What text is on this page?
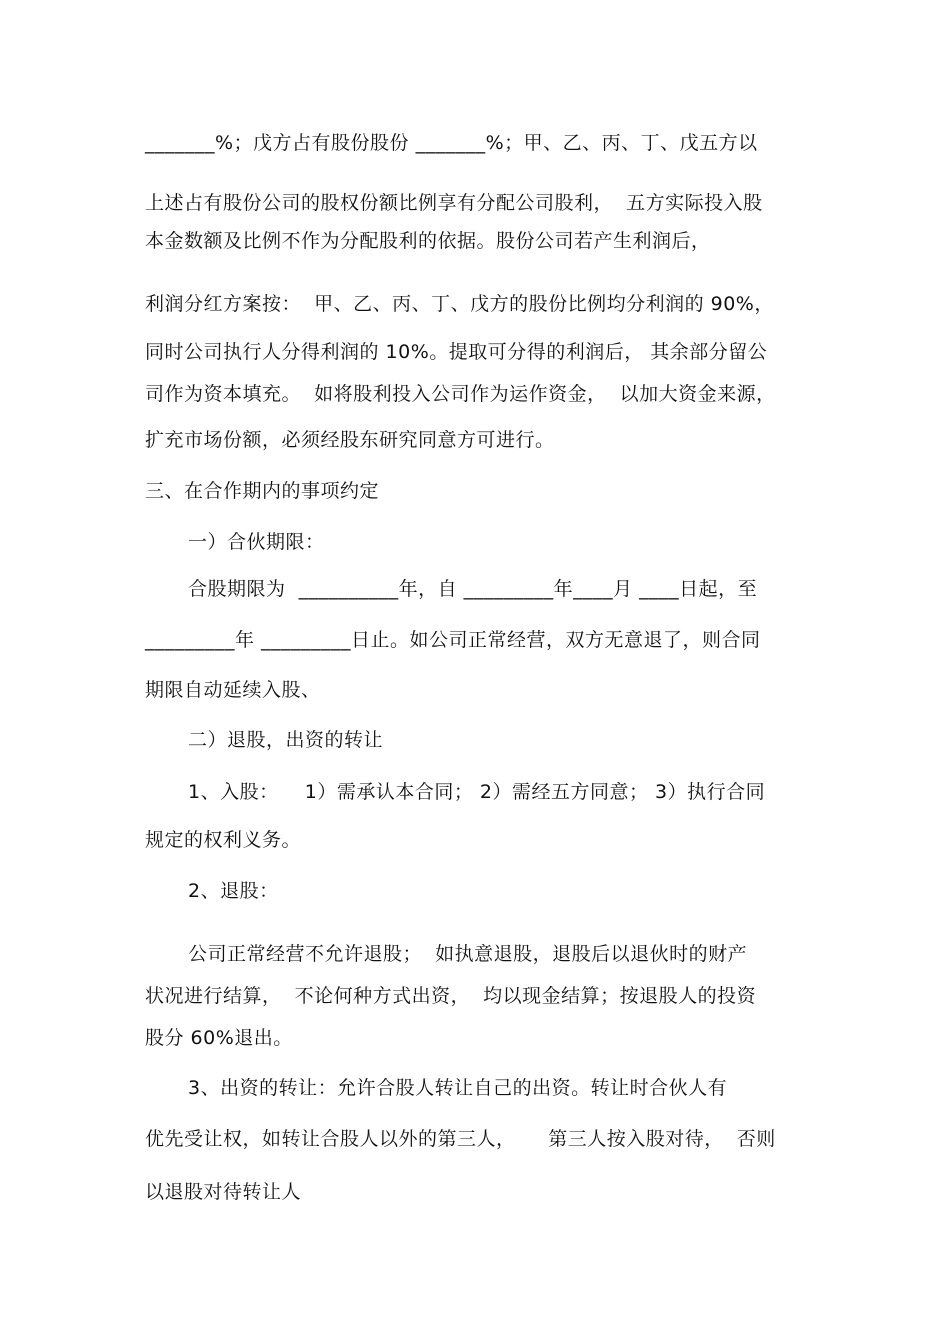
_______%；戊方占有股份股份 _______%；甲、乙、丙、丁、戊五方以
上述占有股份公司的股权份额比例享有分配公司股利，  五方实际投入股
本金数额及比例不作为分配股利的依据。股份公司若产生利润后，
利润分红方案按：  甲、乙、丙、丁、戊方的股份比例均分利润的 90%，
同时公司执行人分得利润的 10%。提取可分得的利润后， 其余部分留公
司作为资本填充。  如将股利投入公司作为运作资金，  以加大资金来源，
扩充市场份额，必须经股东研究同意方可进行。
三、在合作期内的事项约定
一）合伙期限：
合股期限为  __________年，自 _________年____月 ____日起，至
_________年 _________日止。如公司正常经营，双方无意退了，则合同
期限自动延续入股、
二）退股，出资的转让
1、入股：    1）需承认本合同； 2）需经五方同意； 3）执行合同
规定的权利义务。
2、退股：
公司正常经营不允许退股；  如执意退股，退股后以退伙时的财产
状况进行结算，  不论何种方式出资，  均以现金结算；按退股人的投资
股分 60%退出。
3、出资的转让：允许合股人转让自己的出资。转让时合伙人有
优先受让权，如转让合股人以外的第三人，     第三人按入股对待，  否则
以退股对待转让人
